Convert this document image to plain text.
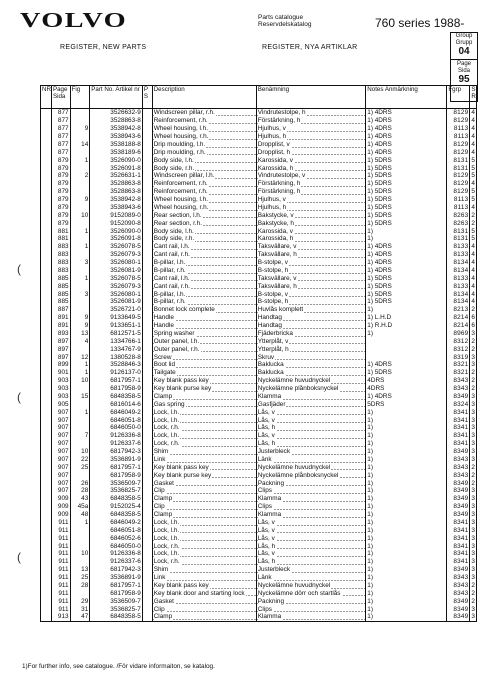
VOLVO	Parts catalogue
Reservdelskatalog	760 series 1988-
Group
Grupp
04
Page
Sida
95
REGISTER, NEW PARTS	REGISTER, NYA ARTIKLAR
NR	Page Sida	Fig	Part No. Artikel nr	P S	Description	Benämning	Notes Anmärkning	Fgrp	S R
	877		3526632-9		Windscreen pillar, r.h.	Vindrutestolpe, h	1) 4DRS	8129	4
	877		3528863-8		Reinforcement, r.h.	Förstärkning, h	1) 4DRS	8129	4
	877	9	3538942-8		Wheel housing, l.h.	Hjulhus, v	1) 4DRS	8113	4
	877		3538943-6		Wheel housing, r.h.	Hjulhus, h	1) 4DRS	8113	4
	877	14	3538188-8		Drip moulding, l.h.	Dropplist, v	1) 4DRS	8129	4
	877		3538189-6		Drip moulding, r.h.	Dropplist, h	1) 4DRS	8129	4
	879	1	3526090-0		Body side, l.h.	Karossida, v	1) 5DRS	8131	5
	879		3526091-8		Body side, r.h.	Karossida, h	1) 5DRS	8131	5
	879	2	3526631-1		Windscreen pillar, l.h.	Vindrutestolpe, v	1) 5DRS	8129	5
	879		3528863-8		Reinforcement, r.h.	Förstärkning, h	1) 5DRS	8129	4
	879		3528863-8		Reinforcement, r.h.	Förstärkning, h	1) 5DRS	8129	5
	879	9	3538942-8		Wheel housing, l.h.	Hjulhus, v	1) 5DRS	8113	5
	879		3538943-6		Wheel housing, r.h.	Hjulhus, h	1) 5DRS	8113	4
	879	10	9152089-0		Rear section, l.h.	Bakstycke, v	1) 5DRS	8263	2
	879		9152090-8		Rear section, r.h.	Bakstycke, h	1) 5DRS	8263	2
	881	1	3526090-0		Body side, l.h.	Karossida, v	1)	8131	5
	881		3526091-8		Body side, r.h.	Karossida, h	1)	8131	5
	883	1	3526078-5		Cant rail, l.h.	Taksvällare, v	1) 4DRS	8133	4
	883		3526079-3		Cant rail, r.h.	Taksvällare, h	1) 4DRS	8133	4
	883	3	3526080-1		B-pillar, l.h.	B-stolpe, v	1) 4DRS	8134	4
	883		3526081-9		B-pillar, r.h.	B-stolpe, h	1) 4DRS	8134	4
	885	1	3526078-5		Cant rail, l.h.	Taksvällare, v	1) 5DRS	8133	4
	885		3526079-3		Cant rail, r.h.	Taksvällare, h	1) 5DRS	8133	4
	885	3	3526080-1		B-pillar, l.h.	B-stolpe, v	1) 5DRS	8134	4
	885		3526081-9		B-pillar, r.h.	B-stolpe, h	1) 5DRS	8134	4
	887		3526721-0		Bonnet lock complete	Huvlås komplett	1)	8213	2
	891	9	9133649-5		Handle	Handtag	1) L.H.D	8214	6
	891	9	9133651-1		Handle	Handtag	1) R.H.D	8214	6
	893	13	6812571-5		Spring washer	Fjäderbricka	1)	8969	3
	897	4	1334766-1		Outer panel, l.h.	Ytterplåt, v		8312	2
	897		1334767-9		Outer panel, r.h.	Ytterplåt, h		8312	2
	897	12	1380528-8		Screw	Skruv		8319	3
	899	1	3528846-3		Boot lid	Baklucka	1) 4DRS	8321	3
	901	1	9126137-0		Tailgate	Baklucka	1) 5DRS	8321	2
	903	10	6817957-1		Key blank pass key	Nyckelämne huvudnyckel	4DRS	8343	2
	903		6817958-9		Key blank purse key	Nyckelämne plånboksnyckel	4DRS	8343	2
	903	15	6848358-5		Clamp	Klamma	1) 4DRS	8349	3
	905		6816014-6		Gas spring	Gasfjäder	5DRS	8324	3
	907	1	6846049-2		Lock, l.h.	Lås, v	1)	8341	3
	907		6846051-8		Lock, l.h.	Lås, v	1)	8341	3
	907		6846050-0		Lock, r.h.	Lås, h	1)	8341	3
	907	7	9126336-8		Lock, l.h.	Lås, v	1)	8341	3
	907		9126337-6		Lock, r.h.	Lås, h	1)	8341	3
	907	10	6817942-3		Shim	Justerbleck	1)	8349	3
	907	22	3536891-9		Link	Länk	1)	8343	3
	907	25	6817957-1		Key blank pass key	Nyckelämne huvudnyckel	1)	8343	2
	907		6817958-9		Key blank purse key	Nyckelämne plånboksnyckel	1)	8343	2
	907	26	3536509-7		Gasket	Packning	1)	8349	2
	907	28	3536825-7		Clip	Clips	1)	8349	3
	909	43	6848358-5		Clamp	Klamma	1)	8349	3
	909	45a	9152025-4		Clip	Clips	1)	8349	3
	909	48	6848358-5		Clamp	Klamma	1)	8349	3
	911	1	6846049-2		Lock, l.h.	Lås, v	1)	8341	3
	911		6846051-8		Lock, l.h.	Lås, v	1)	8341	3
	911		6846052-6		Lock, l.h.	Lås, v	1)	8341	3
	911		6846050-0		Lock, r.h.	Lås, h	1)	8341	3
	911	10	9126336-8		Lock, l.h.	Lås, v	1)	8341	3
	911		9126337-6		Lock, r.h.	Lås, h	1)	8341	3
	911	13	6817942-3		Shim	Justerbleck	1)	8349	3
	911	25	3536891-9		Link	Länk	1)	8343	3
	911	28	6817957-1		Key blank pass key	Nyckelämne huvudnyckel	1)	8343	2
	911		6817958-9		Key blank door and starting lock	Nyckelämne dörr och startlås	1)	8343	2
	911	29	3536509-7		Gasket	Packning	1)	8349	2
	911	31	3536825-7		Clip	Clips	1)	8349	3
	913	47	6848358-5		Clamp	Klamma	1)	8349	3
(
(
(
1)For further info, see catalogue. /För vidare informaiton, se katalog.
